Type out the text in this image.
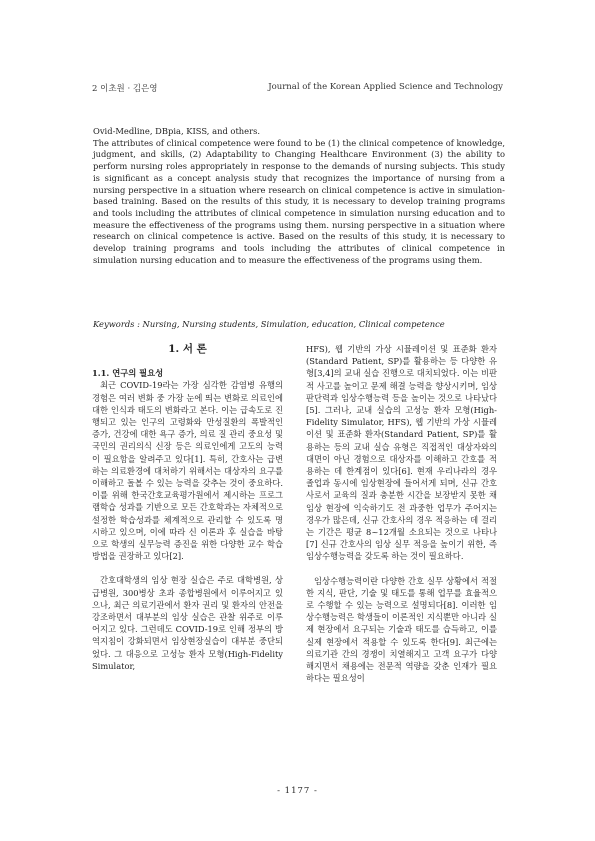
2 이초원 · 김은영	Journal of the Korean Applied Science and Technology

Ovid-Medline, DBpia, KISS, and others.

The attributes of clinical competence were found to be (1) the clinical competence of knowledge, judgment, and skills, (2) Adaptability to Changing Healthcare Environment (3) the ability to perform nursing roles appropriately in response to the demands of nursing subjects. This study is significant as a concept analysis study that recognizes the importance of nursing from a nursing perspective in a situation where research on clinical competence is active in simulation-based training. Based on the results of this study, it is necessary to develop training programs and tools including the attributes of clinical competence in simulation nursing education and to measure the effectiveness of the programs using them. nursing perspective in a situation where research on clinical competence is active. Based on the results of this study, it is necessary to develop training programs and tools including the attributes of clinical competence in simulation nursing education and to measure the effectiveness of the programs using them.

Keywords : Nursing, Nursing students, Simulation, education, Clinical competence
1. 서 론
1.1. 연구의 필요성

최근 COVID-19라는 가장 심각한 감염병 유행의 경험은 여러 변화 중 가장 눈에 띄는 변화로 의료인에 대한 인식과 태도의 변화라고 본다. 이는 급속도로 진행되고 있는 인구의 고령화와 만성질환의 폭발적인 증가, 건강에 대한 욕구 증가, 의료 질 관리 중요성 및 국민의 권리의식 신장 등은 의료인에게 고도의 능력이 필요함을 알려주고 있다[1]. 특히, 간호사는 급변하는 의료환경에 대처하기 위해서는 대상자의 요구를 이해하고 돌볼 수 있는 능력을 갖추는 것이 중요하다. 이를 위해 한국간호교육평가원에서 제시하는 프로그램학습 성과를 기반으로 모든 간호학과는 자체적으로 설정한 학습성과를 체계적으로 관리할 수 있도록 명시하고 있으며, 이에 따라 신 이론과 후 실습을 바탕으로 학생의 실무능력 증진을 위한 다양한 교수 학습 방법을 권장하고 있다[2].

간호대학생의 임상 현장 실습은 주로 대학병원, 상급병원, 300병상 초과 종합병원에서 이루어지고 있으나, 최근 의료기관에서 환자 권리 및 환자의 안전을 강조하면서 대부분의 임상 실습은 관찰 위주로 이루어지고 있다. 그런데도 COVID-19로 인해 정부의 방역지침이 강화되면서 임상현장실습이 대부분 중단되었다. 그 대응으로 고성능 환자 모형(High-Fidelity Simulator,

HFS), 웹 기반의 가상 시뮬레이션 및 표준화 환자(Standard Patient, SP)를 활용하는 등 다양한 유형[3,4]의 교내 실습 진행으로 대치되었다. 이는 비판적 사고를 높이고 문제 해결 능력을 향상시키며, 임상 판단력과 임상수행능력 등을 높이는 것으로 나타났다[5]. 그러나, 교내 실습의 고성능 환자 모형(High-Fidelity Simulator, HFS), 웹 기반의 가상 시뮬레이션 및 표준화 환자(Standard Patient, SP)를 활용하는 등의 교내 실습 유형은 직접적인 대상자와의 대면이 아닌 경험으로 대상자를 이해하고 간호를 적용하는 데 한계점이 있다[6]. 현재 우리나라의 경우 졸업과 동시에 임상현장에 들어서게 되며, 신규 간호사로서 교육의 질과 충분한 시간을 보장받지 못한 채 임상 현장에 익숙하기도 전 과중한 업무가 주어지는 경우가 많은데, 신규 간호사의 경우 적응하는 데 걸리는 기간은 평균 8~12개월 소요되는 것으로 나타나[7] 신규 간호사의 임상 실무 적응을 높이기 위한, 즉 임상수행능력을 갖도록 하는 것이 필요하다.

임상수행능력이란 다양한 간호 실무 상황에서 적절한 지식, 판단, 기술 및 태도를 통해 업무를 효율적으로 수행할 수 있는 능력으로 설명되다[8]. 이러한 임상수행능력은 학생들이 이론적인 지식뿐만 아니라 실제 현장에서 요구되는 기술과 태도를 습득하고, 이를 실제 현장에서 적용할 수 있도록 한다[9]. 최근에는 의료기관 간의 경쟁이 치열해지고 고객 요구가 다양해지면서 채용에는 전문적 역량을 갖춘 인재가 필요하다는 필요성이

- 1177 -
